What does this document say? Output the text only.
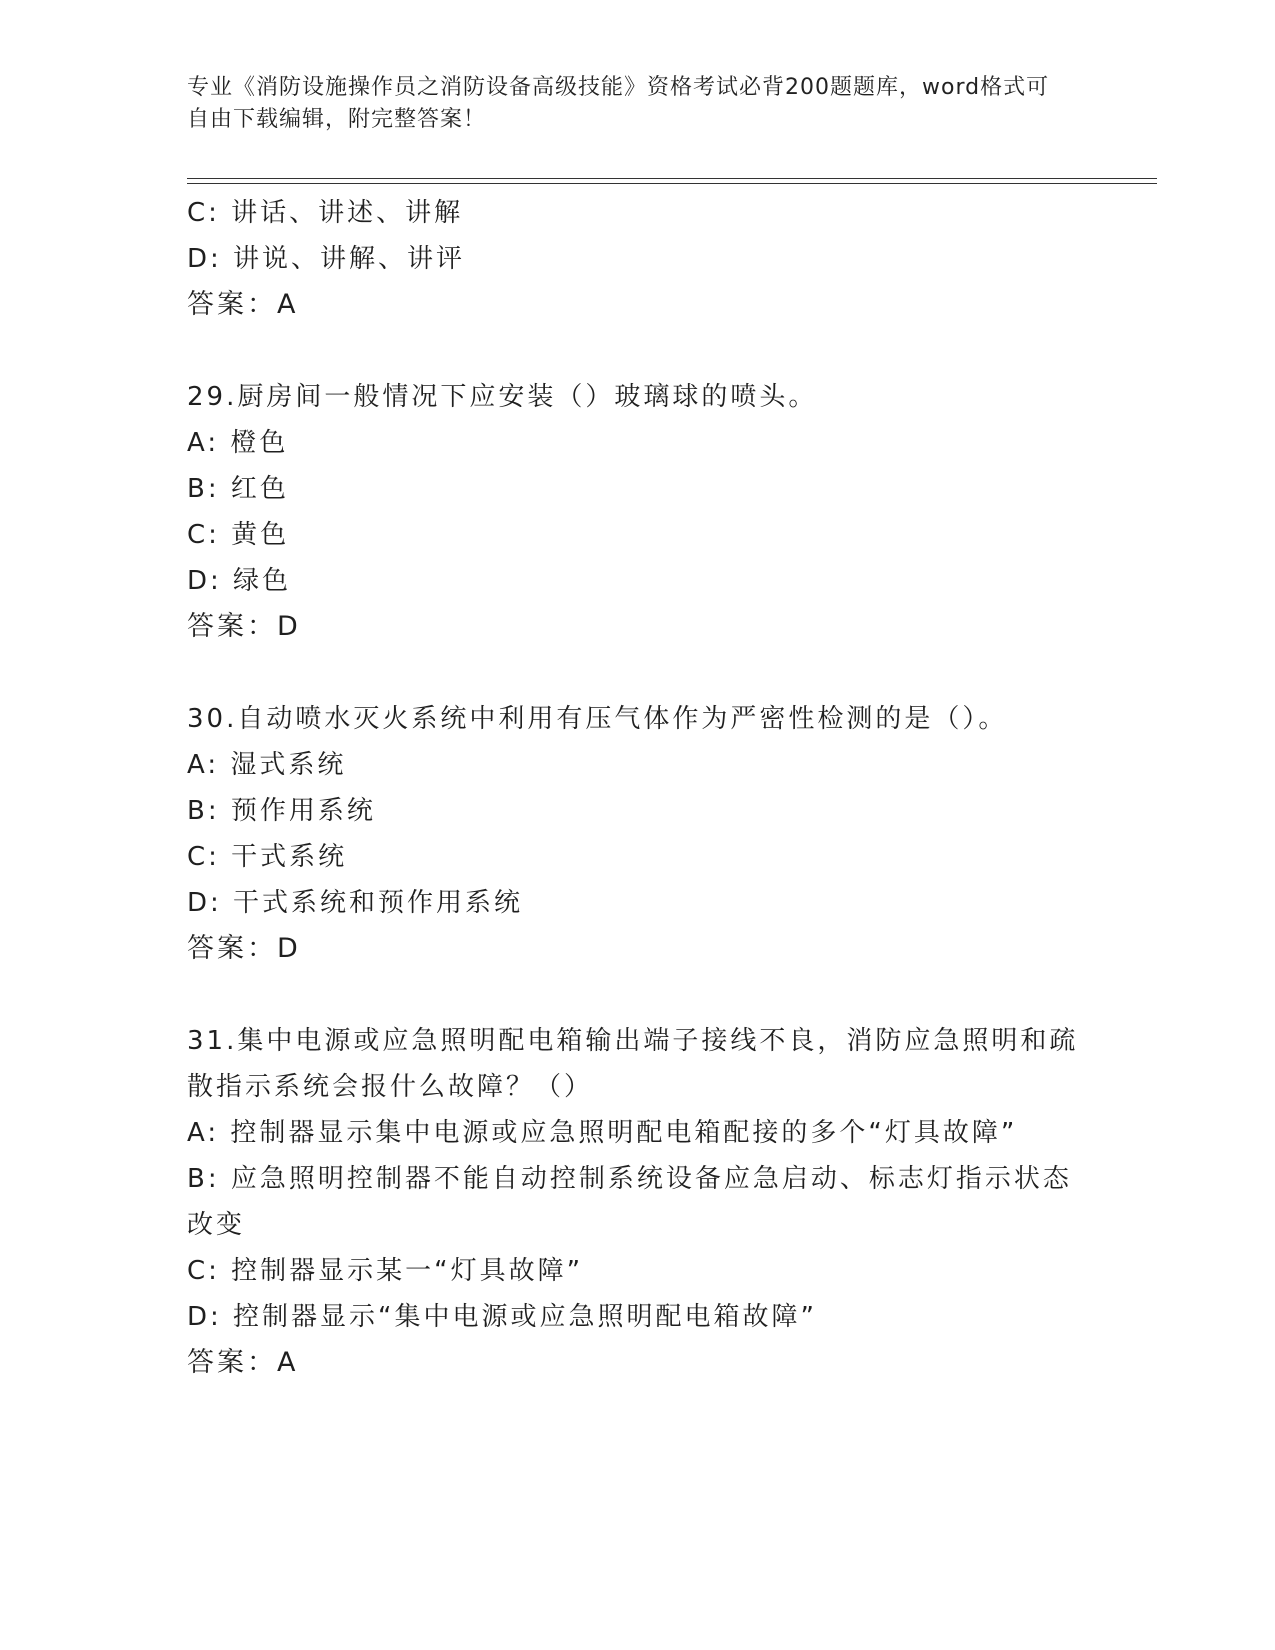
专业《消防设施操作员之消防设备高级技能》资格考试必背200题题库，word格式可自由下载编辑，附完整答案！
C: 讲话、讲述、讲解
D: 讲说、讲解、讲评
答案：A
29.厨房间一般情况下应安装（）玻璃球的喷头。
A: 橙色
B: 红色
C: 黄色
D: 绿色
答案：D
30.自动喷水灭火系统中利用有压气体作为严密性检测的是（）。
A: 湿式系统
B: 预作用系统
C: 干式系统
D: 干式系统和预作用系统
答案：D
31.集中电源或应急照明配电箱输出端子接线不良，消防应急照明和疏
散指示系统会报什么故障？（）
A: 控制器显示集中电源或应急照明配电箱配接的多个“灯具故障”
B: 应急照明控制器不能自动控制系统设备应急启动、标志灯指示状态
改变
C: 控制器显示某一“灯具故障”
D: 控制器显示“集中电源或应急照明配电箱故障”
答案：A
